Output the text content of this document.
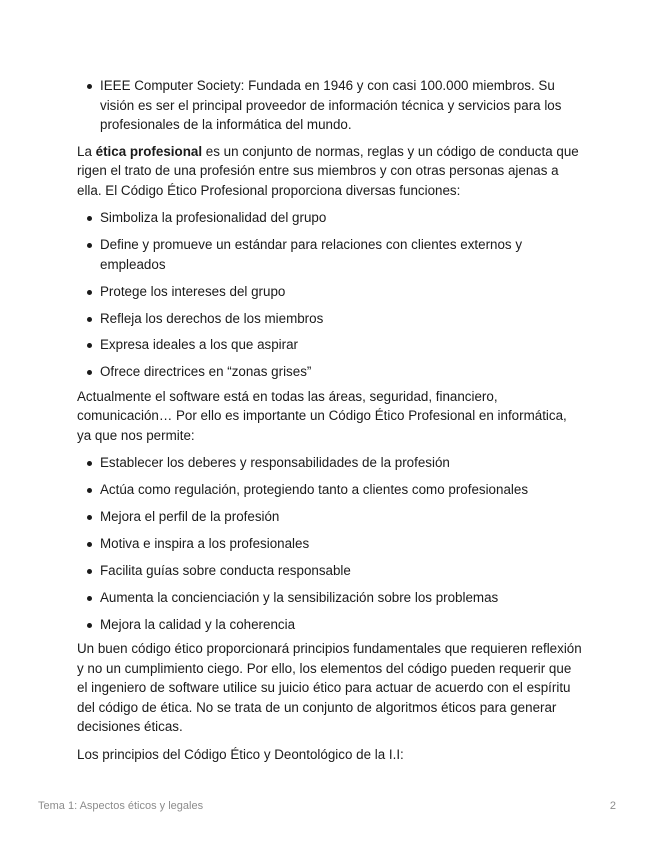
IEEE Computer Society: Fundada en 1946 y con casi 100.000 miembros. Su visión es ser el principal proveedor de información técnica y servicios para los profesionales de la informática del mundo.

La ética profesional es un conjunto de normas, reglas y un código de conducta que rigen el trato de una profesión entre sus miembros y con otras personas ajenas a ella. El Código Ético Profesional proporciona diversas funciones:

Simboliza la profesionalidad del grupo
Define y promueve un estándar para relaciones con clientes externos y empleados
Protege los intereses del grupo
Refleja los derechos de los miembros
Expresa ideales a los que aspirar
Ofrece directrices en “zonas grises”

Actualmente el software está en todas las áreas, seguridad, financiero, comunicación… Por ello es importante un Código Ético Profesional en informática, ya que nos permite:

Establecer los deberes y responsabilidades de la profesión
Actúa como regulación, protegiendo tanto a clientes como profesionales
Mejora el perfil de la profesión
Motiva e inspira a los profesionales
Facilita guías sobre conducta responsable
Aumenta la concienciación y la sensibilización sobre los problemas
Mejora la calidad y la coherencia

Un buen código ético proporcionará principios fundamentales que requieren reflexión y no un cumplimiento ciego. Por ello, los elementos del código pueden requerir que el ingeniero de software utilice su juicio ético para actuar de acuerdo con el espíritu del código de ética. No se trata de un conjunto de algoritmos éticos para generar decisiones éticas.

Los principios del Código Ético y Deontológico de la I.I:

Tema 1: Aspectos éticos y legales	2
